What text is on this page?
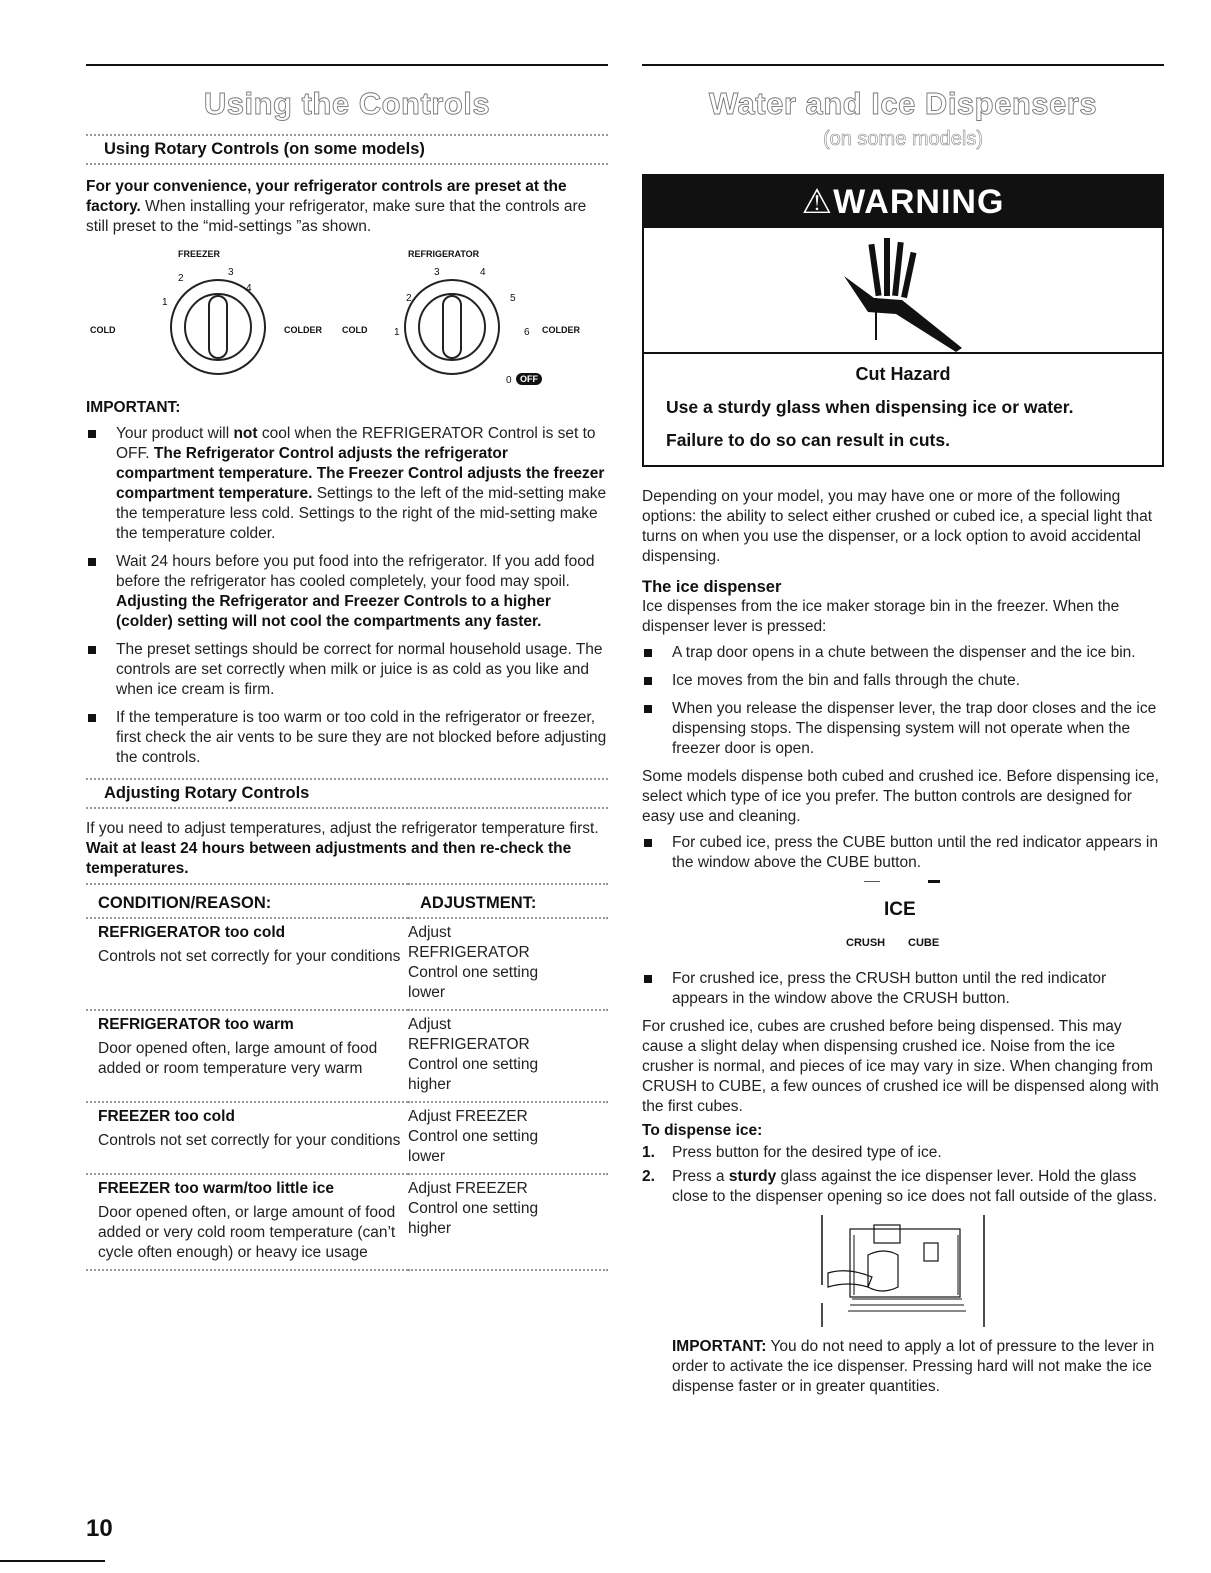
Using the Controls
Using Rotary Controls (on some models)

For your convenience, your refrigerator controls are preset at the factory. When installing your refrigerator, make sure that the controls are still preset to the “mid-settings ”as shown.

FREEZER	REFRIGERATOR
COLD	COLDER COLD	COLDER
1
2
3
4
0
1
2
3	4
5
6
OFF

IMPORTANT:

Your product will not cool when the REFRIGERATOR Control is set to OFF. The Refrigerator Control adjusts the refrigerator compartment temperature. The Freezer Control adjusts the freezer compartment temperature. Settings to the left of the mid-setting make the temperature less cold. Settings to the right of the mid-setting make the temperature colder.
Wait 24 hours before you put food into the refrigerator. If you add food before the refrigerator has cooled completely, your food may spoil. Adjusting the Refrigerator and Freezer Controls to a higher (colder) setting will not cool the compartments any faster.
The preset settings should be correct for normal household usage. The controls are set correctly when milk or juice is as cold as you like and when ice cream is firm.
If the temperature is too warm or too cold in the refrigerator or freezer, first check the air vents to be sure they are not blocked before adjusting the controls.
Adjusting Rotary Controls

If you need to adjust temperatures, adjust the refrigerator temperature first. Wait at least 24 hours between adjustments and then re-check the temperatures.

CONDITION/REASON:	ADJUSTMENT:

REFRIGERATOR too cold
Controls not set correctly for your conditions	Adjust REFRIGERATOR Control one setting lower

REFRIGERATOR too warm
Door opened often, large amount of food added or room temperature very warm	Adjust REFRIGERATOR Control one setting higher

FREEZER too cold
Controls not set correctly for your conditions	Adjust FREEZER Control one setting lower

FREEZER too warm/too little ice
Door opened often, or large amount of food added or very cold room temperature (can’t cycle often enough) or heavy ice usage	Adjust FREEZER Control one setting higher

Water and Ice Dispensers
(on some models)
⚠WARNING
Cut Hazard
Use a sturdy glass when dispensing ice or water.
Failure to do so can result in cuts.

Depending on your model, you may have one or more of the following options: the ability to select either crushed or cubed ice, a special light that turns on when you use the dispenser, or a lock option to avoid accidental dispensing.

The ice dispenser

Ice dispenses from the ice maker storage bin in the freezer. When the dispenser lever is pressed:

A trap door opens in a chute between the dispenser and the ice bin.
Ice moves from the bin and falls through the chute.
When you release the dispenser lever, the trap door closes and the ice dispensing stops. The dispensing system will not operate when the freezer door is open.

Some models dispense both cubed and crushed ice. Before dispensing ice, select which type of ice you prefer. The button controls are designed for easy use and cleaning.

For cubed ice, press the CUBE button until the red indicator appears in the window above the CUBE button.
ICE
CRUSH CUBE
For crushed ice, press the CRUSH button until the red indicator appears in the window above the CRUSH button.

For crushed ice, cubes are crushed before being dispensed. This may cause a slight delay when dispensing crushed ice. Noise from the ice crusher is normal, and pieces of ice may vary in size. When changing from CRUSH to CUBE, a few ounces of crushed ice will be dispensed along with the first cubes.

To dispense ice:

1. Press button for the desired type of ice.
2. Press a sturdy glass against the ice dispenser lever. Hold the glass close to the dispenser opening so ice does not fall outside of the glass.

IMPORTANT: You do not need to apply a lot of pressure to the lever in order to activate the ice dispenser. Pressing hard will not make the ice dispense faster or in greater quantities.

10
